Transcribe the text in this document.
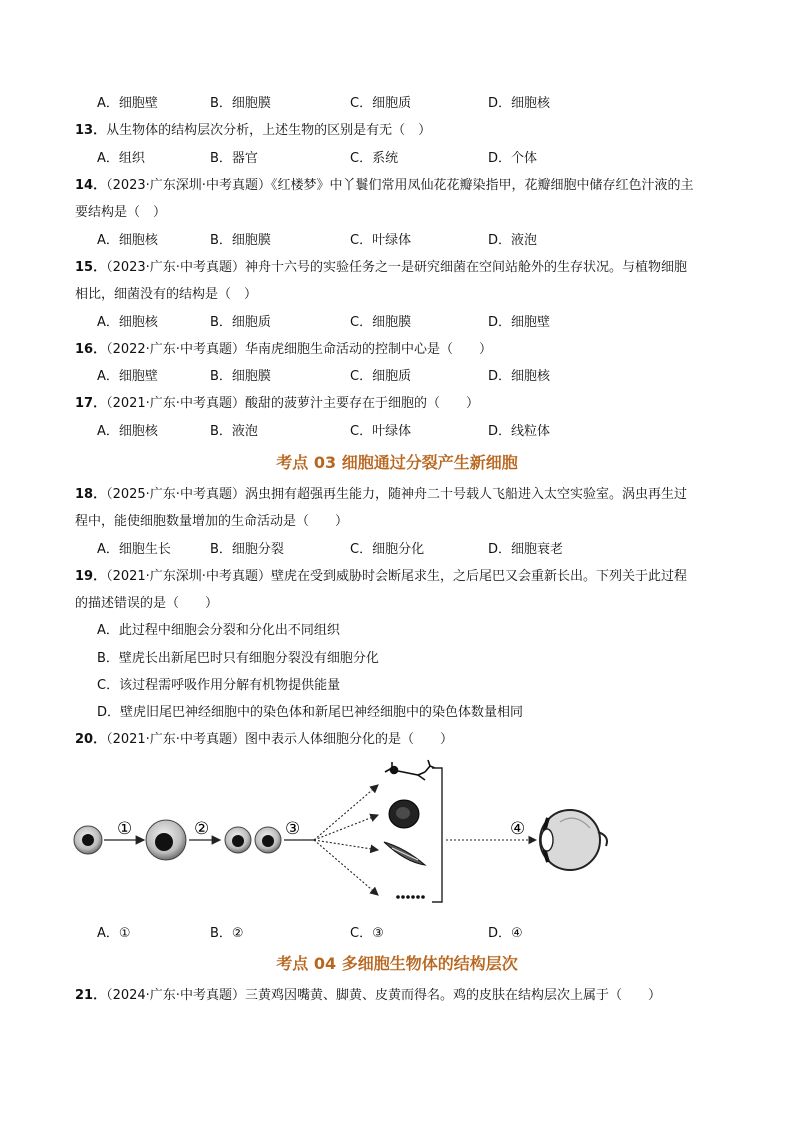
A．细胞壁	B．细胞膜	C．细胞质	D．细胞核
13．从生物体的结构层次分析，上述生物的区别是有无（　）
A．组织	B．器官	C．系统	D．个体
14．（2023·广东深圳·中考真题）《红楼梦》中丫鬟们常用凤仙花花瓣染指甲，花瓣细胞中储存红色汁液的主
要结构是（　）
A．细胞核	B．细胞膜	C．叶绿体	D．液泡
15．（2023·广东·中考真题）神舟十六号的实验任务之一是研究细菌在空间站舱外的生存状况。与植物细胞
相比，细菌没有的结构是（　）
A．细胞核	B．细胞质	C．细胞膜	D．细胞壁
16．（2022·广东·中考真题）华南虎细胞生命活动的控制中心是（　　）
A．细胞壁	B．细胞膜	C．细胞质	D．细胞核
17．（2021·广东·中考真题）酸甜的菠萝汁主要存在于细胞的（　　）
A．细胞核	B．液泡	C．叶绿体	D．线粒体
考点 03 细胞通过分裂产生新细胞
18．（2025·广东·中考真题）涡虫拥有超强再生能力，随神舟二十号载人飞船进入太空实验室。涡虫再生过
程中，能使细胞数量增加的生命活动是（　　）
A．细胞生长	B．细胞分裂	C．细胞分化	D．细胞衰老
19．（2021·广东深圳·中考真题）壁虎在受到威胁时会断尾求生，之后尾巴又会重新长出。下列关于此过程
的描述错误的是（　　）
A．此过程中细胞会分裂和分化出不同组织
B．壁虎长出新尾巴时只有细胞分裂没有细胞分化
C．该过程需呼吸作用分解有机物提供能量
D．壁虎旧尾巴神经细胞中的染色体和新尾巴神经细胞中的染色体数量相同
20．（2021·广东·中考真题）图中表示人体细胞分化的是（　　）
①	②	③	④
A．①	B．②	C．③	D．④
考点 04 多细胞生物体的结构层次
21．（2024·广东·中考真题）三黄鸡因嘴黄、脚黄、皮黄而得名。鸡的皮肤在结构层次上属于（　　）
